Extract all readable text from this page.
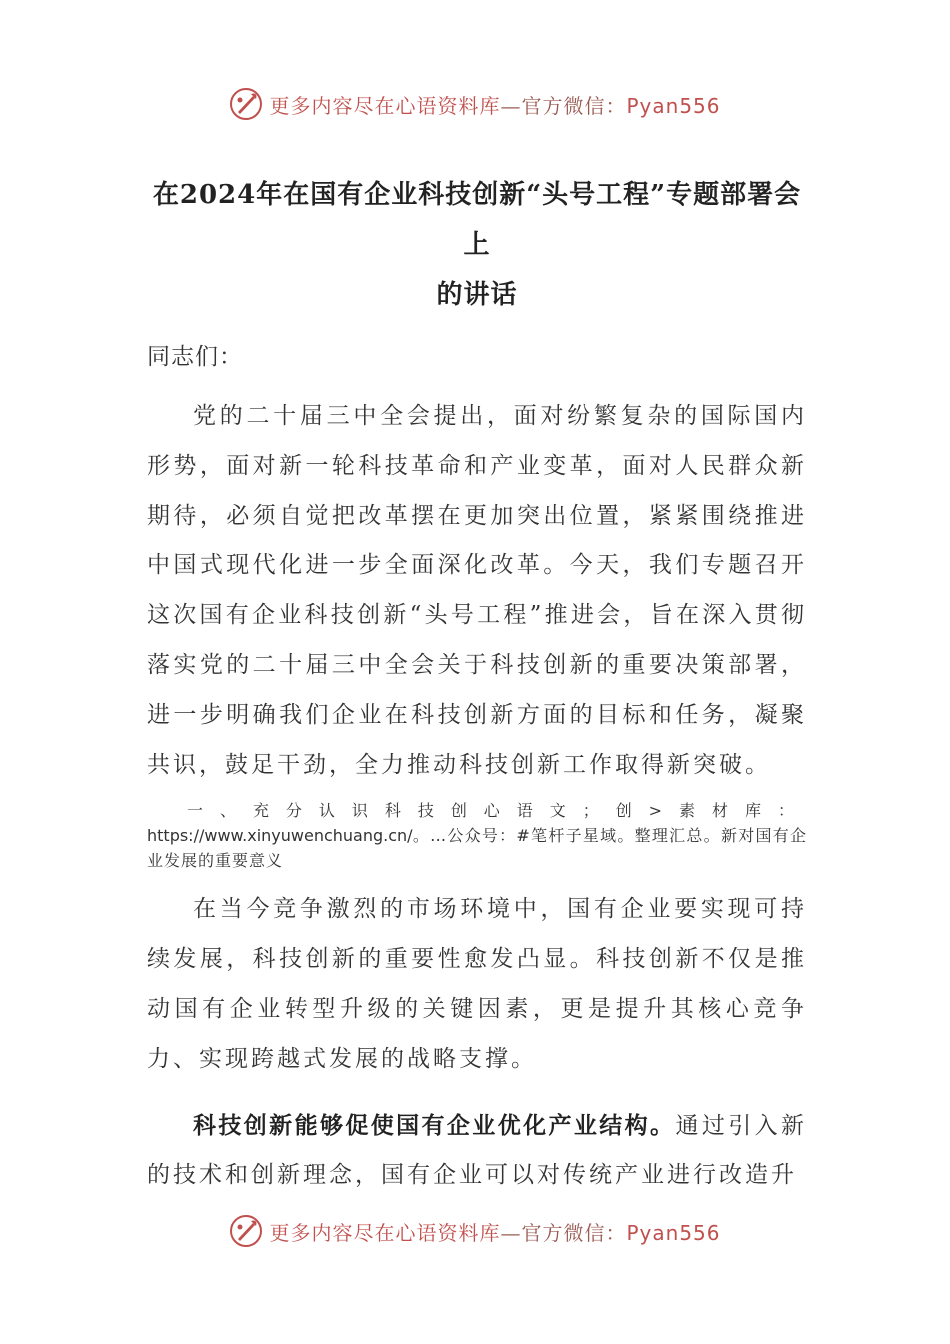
更多内容尽在心语资料库—官方微信：Pyan556
在2024年在国有企业科技创新“头号工程”专题部署会上
的讲话
同志们：

党的二十届三中全会提出，面对纷繁复杂的国际国内形势，面对新一轮科技革命和产业变革，面对人民群众新期待，必须自觉把改革摆在更加突出位置，紧紧围绕推进中国式现代化进一步全面深化改革。今天，我们专题召开这次国有企业科技创新“头号工程”推进会，旨在深入贯彻落实党的二十届三中全会关于科技创新的重要决策部署，进一步明确我们企业在科技创新方面的目标和任务，凝聚共识，鼓足干劲，全力推动科技创新工作取得新突破。

一、充分认识科技创心语文；创>素材库：https://www.xinyuwenchuang.cn/。…公众号：#笔杆子星域。整理汇总。新对国有企业发展的重要意义

在当今竞争激烈的市场环境中，国有企业要实现可持续发展，科技创新的重要性愈发凸显。科技创新不仅是推动国有企业转型升级的关键因素，更是提升其核心竞争力、实现跨越式发展的战略支撑。

科技创新能够促使国有企业优化产业结构。通过引入新的技术和创新理念，国有企业可以对传统产业进行改造升

更多内容尽在心语资料库—官方微信：Pyan556
